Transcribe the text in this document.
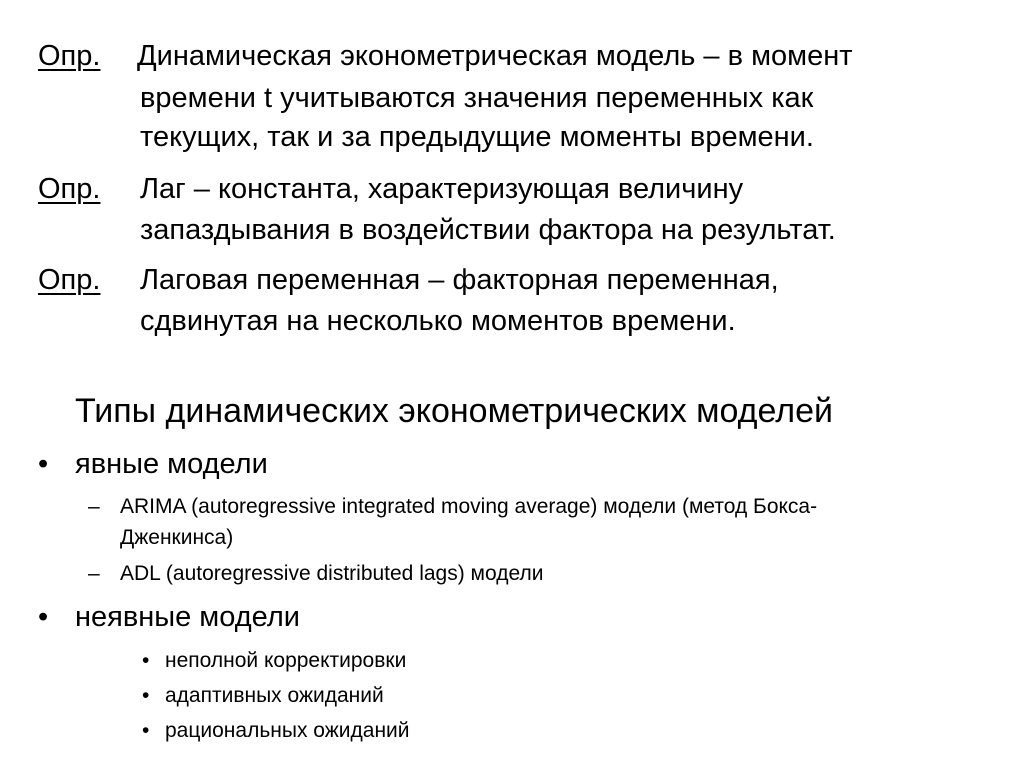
Опр. Динамическая эконометрическая модель – в момент
времени t учитываются значения переменных как
текущих, так и за предыдущие моменты времени.
Опр. Лаг – константа, характеризующая величину
запаздывания в воздействии фактора на результат.
Опр. Лаговая переменная – факторная переменная,
сдвинутая на несколько моментов времени.
Типы динамических эконометрических моделей
• явные модели
– ARIMA (autoregressive integrated moving average) модели (метод Бокса-
Дженкинса)
– ADL (autoregressive distributed lags) модели
• неявные модели
• неполной корректировки
• адаптивных ожиданий
• рациональных ожиданий
